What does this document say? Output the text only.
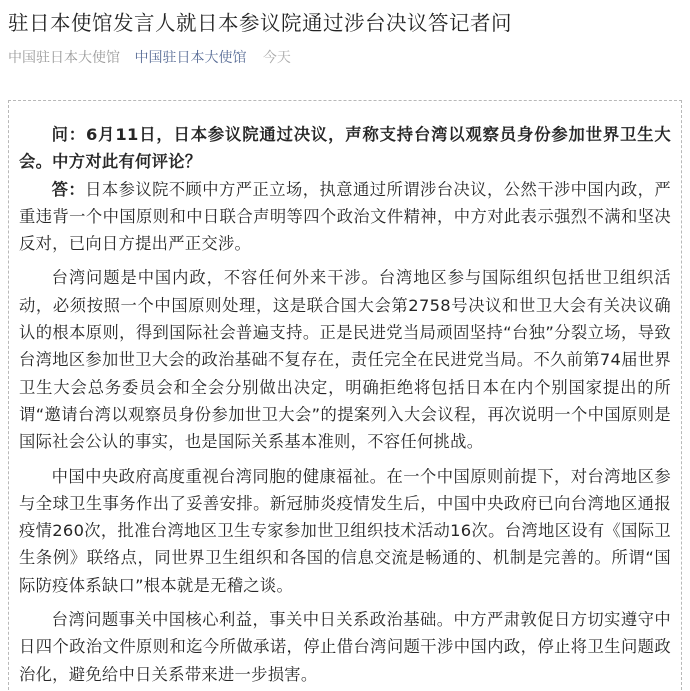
驻日本使馆发言人就日本参议院通过涉台决议答记者问
中国驻日本大使馆 中国驻日本大使馆 今天

问：6月11日，日本参议院通过决议，声称支持台湾以观察员身份参加世界卫生大会。中方对此有何评论？

答：日本参议院不顾中方严正立场，执意通过所谓涉台决议，公然干涉中国内政，严重违背一个中国原则和中日联合声明等四个政治文件精神，中方对此表示强烈不满和坚决反对，已向日方提出严正交涉。

台湾问题是中国内政，不容任何外来干涉。台湾地区参与国际组织包括世卫组织活动，必须按照一个中国原则处理，这是联合国大会第2758号决议和世卫大会有关决议确认的根本原则，得到国际社会普遍支持。正是民进党当局顽固坚持“台独”分裂立场，导致台湾地区参加世卫大会的政治基础不复存在，责任完全在民进党当局。不久前第74届世界卫生大会总务委员会和全会分别做出决定，明确拒绝将包括日本在内个别国家提出的所谓“邀请台湾以观察员身份参加世卫大会”的提案列入大会议程，再次说明一个中国原则是国际社会公认的事实，也是国际关系基本准则，不容任何挑战。

中国中央政府高度重视台湾同胞的健康福祉。在一个中国原则前提下，对台湾地区参与全球卫生事务作出了妥善安排。新冠肺炎疫情发生后，中国中央政府已向台湾地区通报疫情260次，批准台湾地区卫生专家参加世卫组织技术活动16次。台湾地区设有《国际卫生条例》联络点，同世界卫生组织和各国的信息交流是畅通的、机制是完善的。所谓“国际防疫体系缺口”根本就是无稽之谈。

台湾问题事关中国核心利益，事关中日关系政治基础。中方严肃敦促日方切实遵守中日四个政治文件原则和迄今所做承诺，停止借台湾问题干涉中国内政，停止将卫生问题政治化，避免给中日关系带来进一步损害。
